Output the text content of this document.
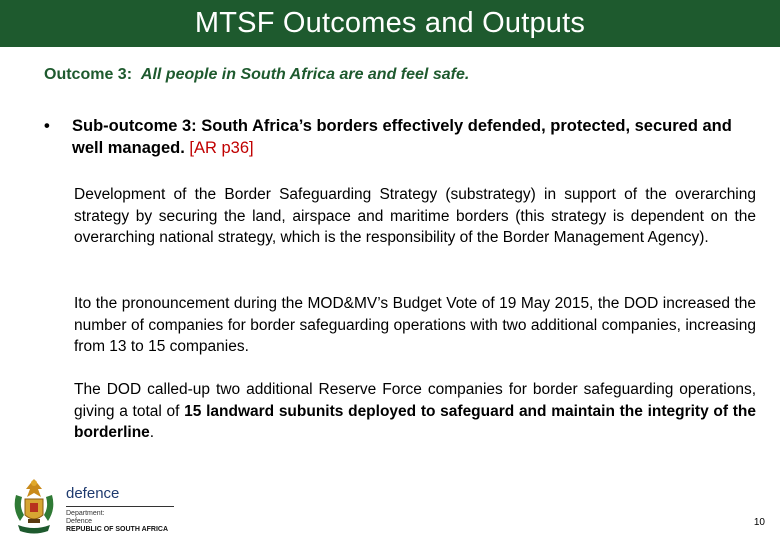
MTSF Outcomes and Outputs
Outcome 3: All people in South Africa are and feel safe.
•	Sub-outcome 3: South Africa’s borders effectively defended, protected, secured and well managed. [AR p36]

Development of the Border Safeguarding Strategy (substrategy) in support of the overarching strategy by securing the land, airspace and maritime borders (this strategy is dependent on the overarching national strategy, which is the responsibility of the Border Management Agency).

Ito the pronouncement during the MOD&MV’s Budget Vote of 19 May 2015, the DOD increased the number of companies for border safeguarding operations with two additional companies, increasing from 13 to 15 companies.

The DOD called-up two additional Reserve Force companies for border safeguarding operations, giving a total of 15 landward subunits deployed to safeguard and maintain the integrity of the borderline.

defence
Department:
Defence
REPUBLIC OF SOUTH AFRICA
10
